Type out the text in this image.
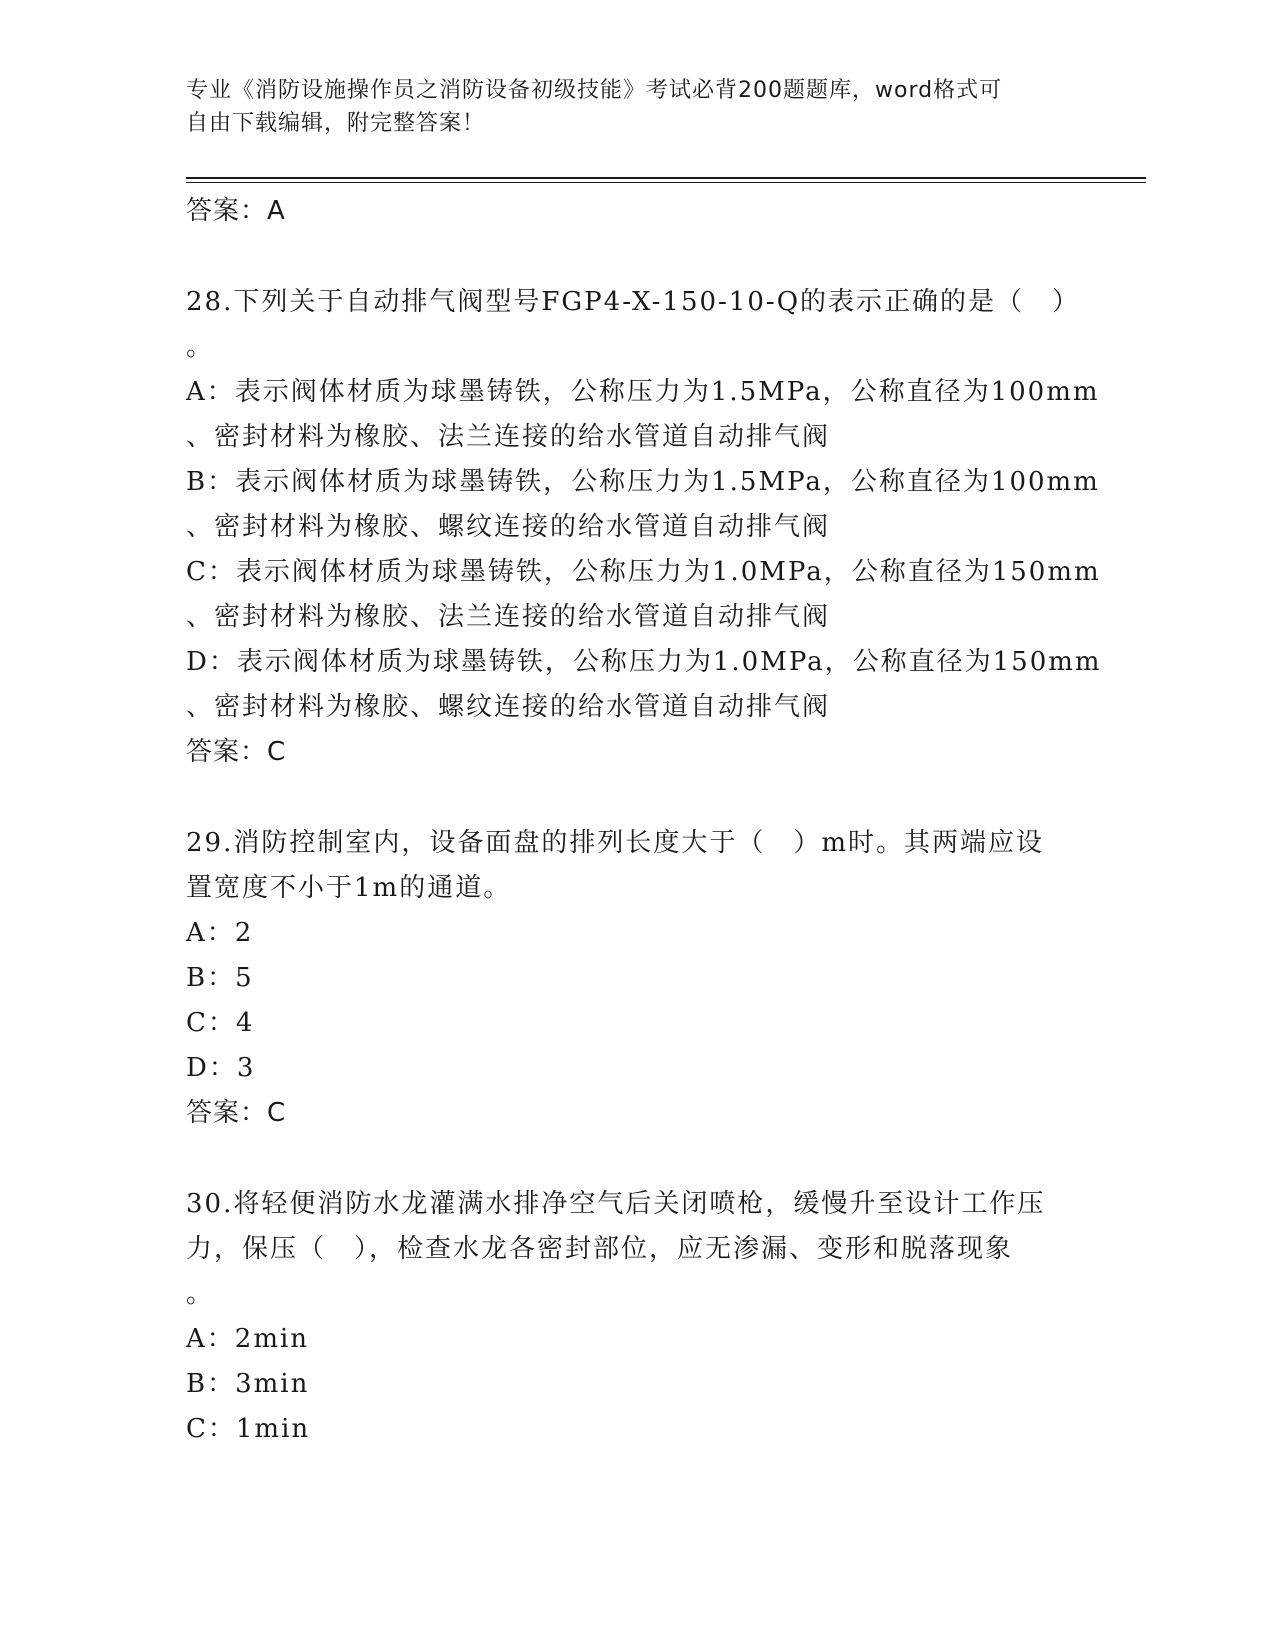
专业《消防设施操作员之消防设备初级技能》考试必背200题题库，word格式可
自由下载编辑，附完整答案！
答案：A
28.下列关于自动排气阀型号FGP4-X-150-10-Q的表示正确的是（　）
。
A：表示阀体材质为球墨铸铁，公称压力为1.5MPa，公称直径为100mm
、密封材料为橡胶、法兰连接的给水管道自动排气阀
B：表示阀体材质为球墨铸铁，公称压力为1.5MPa，公称直径为100mm
、密封材料为橡胶、螺纹连接的给水管道自动排气阀
C：表示阀体材质为球墨铸铁，公称压力为1.0MPa，公称直径为150mm
、密封材料为橡胶、法兰连接的给水管道自动排气阀
D：表示阀体材质为球墨铸铁，公称压力为1.0MPa，公称直径为150mm
、密封材料为橡胶、螺纹连接的给水管道自动排气阀
答案：C
29.消防控制室内，设备面盘的排列长度大于（　）m时。其两端应设
置宽度不小于1m的通道。
A：2
B：5
C：4
D：3
答案：C
30.将轻便消防水龙灌满水排净空气后关闭喷枪，缓慢升至设计工作压
力，保压（　），检查水龙各密封部位，应无渗漏、变形和脱落现象
。
A：2min
B：3min
C：1min
